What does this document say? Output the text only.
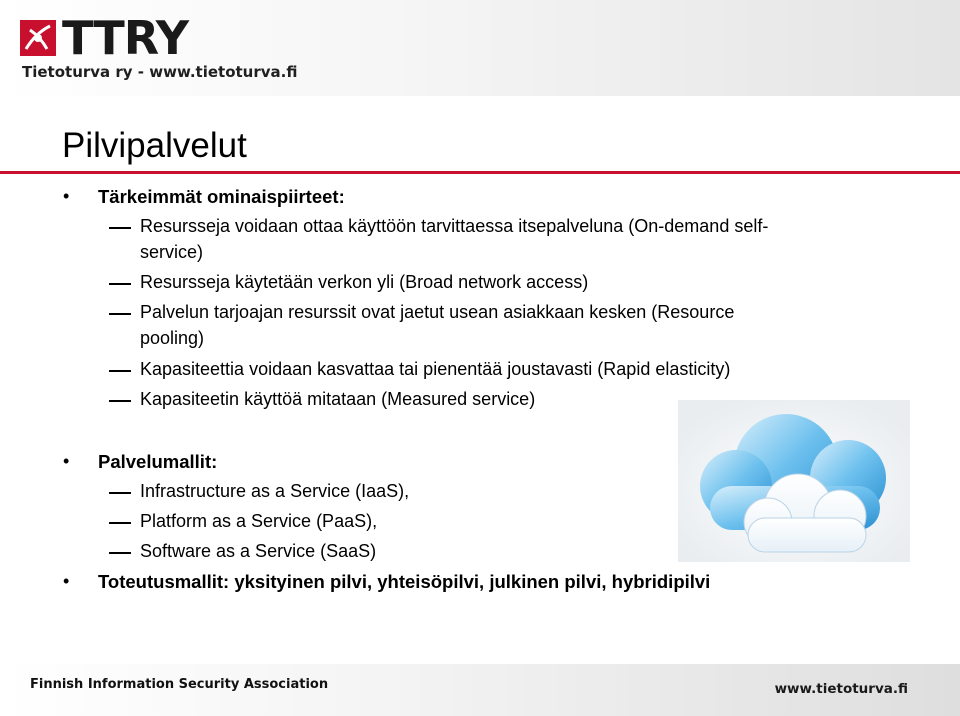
TTRY
Tietoturva ry - www.tietoturva.fi
Pilvipalvelut
• Tärkeimmät ominaispiirteet:
Resursseja voidaan ottaa käyttöön tarvittaessa itsepalveluna (On-demand self-
service)
Resursseja käytetään verkon yli (Broad network access)
Palvelun tarjoajan resurssit ovat jaetut usean asiakkaan kesken (Resource
pooling)
Kapasiteettia voidaan kasvattaa tai pienentää joustavasti (Rapid elasticity)
Kapasiteetin käyttöä mitataan (Measured service)
• Palvelumallit:
Infrastructure as a Service (IaaS),
Platform as a Service (PaaS),
Software as a Service (SaaS)
• Toteutusmallit: yksityinen pilvi, yhteisöpilvi, julkinen pilvi, hybridipilvi
Finnish Information Security Association	www.tietoturva.fi
